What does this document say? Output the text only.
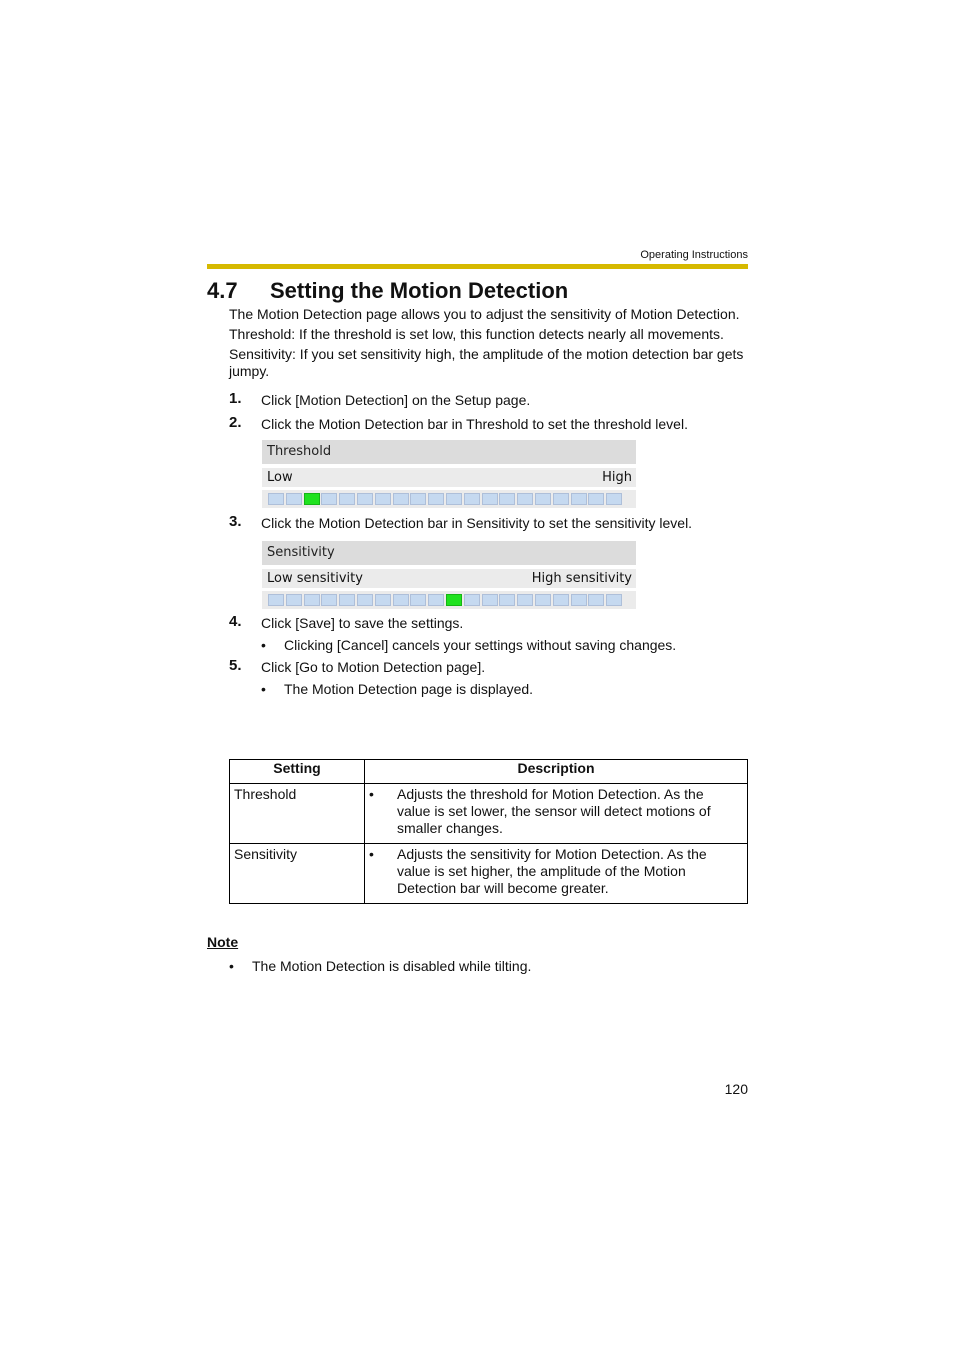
Operating Instructions
4.7 Setting the Motion Detection
The Motion Detection page allows you to adjust the sensitivity of Motion Detection.
Threshold: If the threshold is set low, this function detects nearly all movements.
Sensitivity: If you set sensitivity high, the amplitude of the motion detection bar gets jumpy.
1. Click [Motion Detection] on the Setup page.
2. Click the Motion Detection bar in Threshold to set the threshold level.
Threshold
Low	High
3. Click the Motion Detection bar in Sensitivity to set the sensitivity level.
Sensitivity
Low sensitivity	High sensitivity
4. Click [Save] to save the settings.
• Clicking [Cancel] cancels your settings without saving changes.
5. Click [Go to Motion Detection page].
• The Motion Detection page is displayed.
Setting	Description
Threshold	• Adjusts the threshold for Motion Detection. As the value is set lower, the sensor will detect motions of smaller changes.

Sensitivity	• Adjusts the sensitivity for Motion Detection. As the value is set higher, the amplitude of the Motion Detection bar will become greater.
Note
• The Motion Detection is disabled while tilting.
120
